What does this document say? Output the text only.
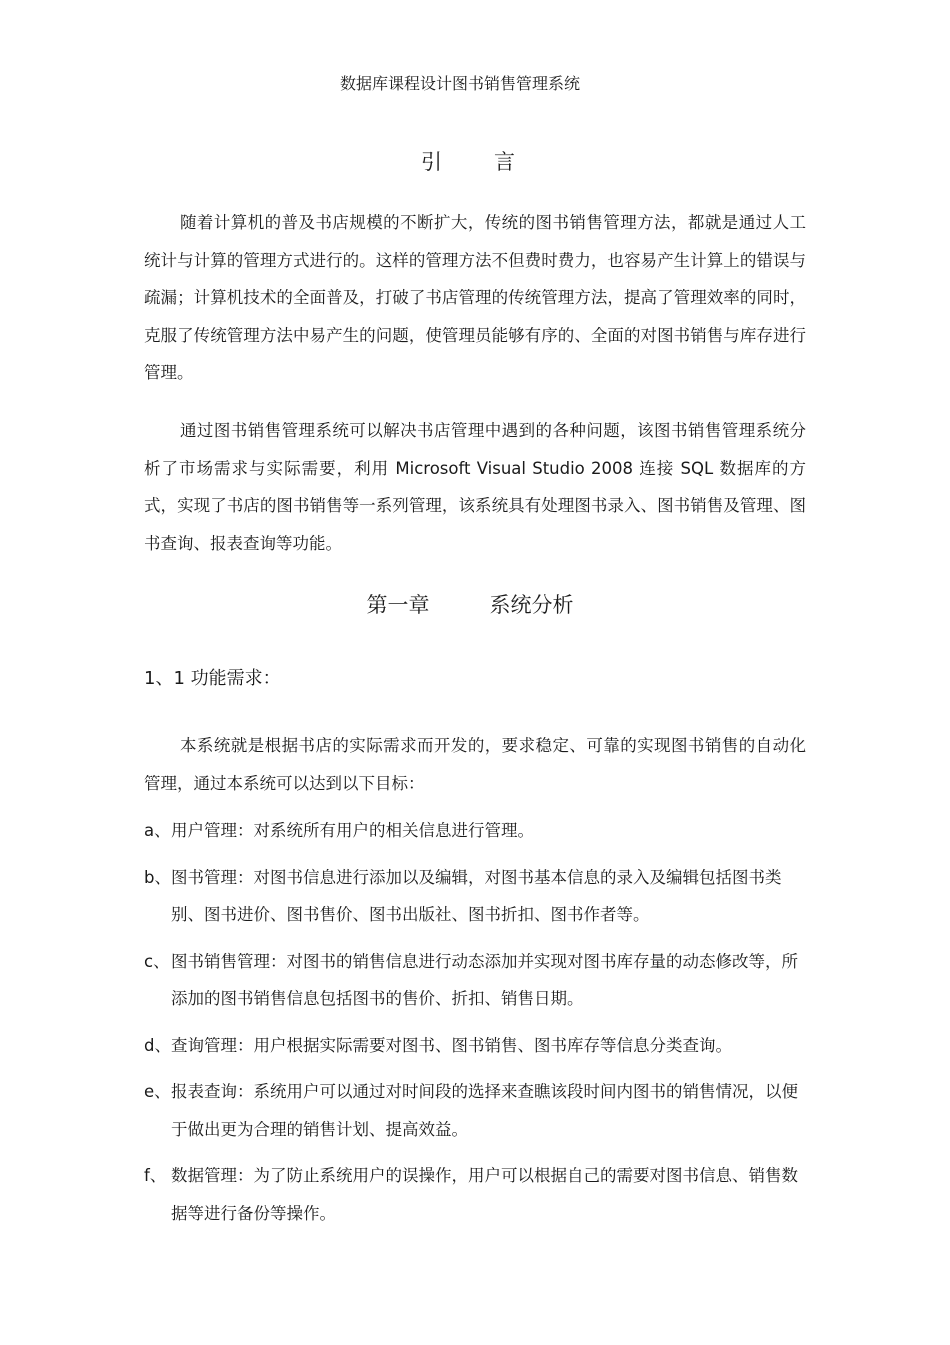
数据库课程设计图书销售管理系统
引 言
随着计算机的普及书店规模的不断扩大，传统的图书销售管理方法，都就是通过人工统计与计算的管理方式进行的。这样的管理方法不但费时费力，也容易产生计算上的错误与疏漏；计算机技术的全面普及，打破了书店管理的传统管理方法，提高了管理效率的同时，克服了传统管理方法中易产生的问题，使管理员能够有序的、全面的对图书销售与库存进行管理。
通过图书销售管理系统可以解决书店管理中遇到的各种问题，该图书销售管理系统分析了市场需求与实际需要，利用 Microsoft Visual Studio 2008 连接 SQL 数据库的方式，实现了书店的图书销售等一系列管理，该系统具有处理图书录入、图书销售及管理、图书查询、报表查询等功能。
第一章	系统分析
1、1 功能需求：
本系统就是根据书店的实际需求而开发的，要求稳定、可靠的实现图书销售的自动化管理，通过本系统可以达到以下目标：
a、 用户管理：对系统所有用户的相关信息进行管理。
b、 图书管理：对图书信息进行添加以及编辑，对图书基本信息的录入及编辑包括图书类别、图书进价、图书售价、图书出版社、图书折扣、图书作者等。
c、 图书销售管理：对图书的销售信息进行动态添加并实现对图书库存量的动态修改等，所添加的图书销售信息包括图书的售价、折扣、销售日期。
d、 查询管理：用户根据实际需要对图书、图书销售、图书库存等信息分类查询。
e、 报表查询：系统用户可以通过对时间段的选择来查瞧该段时间内图书的销售情况，以便于做出更为合理的销售计划、提高效益。
f、 数据管理：为了防止系统用户的误操作，用户可以根据自己的需要对图书信息、销售数据等进行备份等操作。
